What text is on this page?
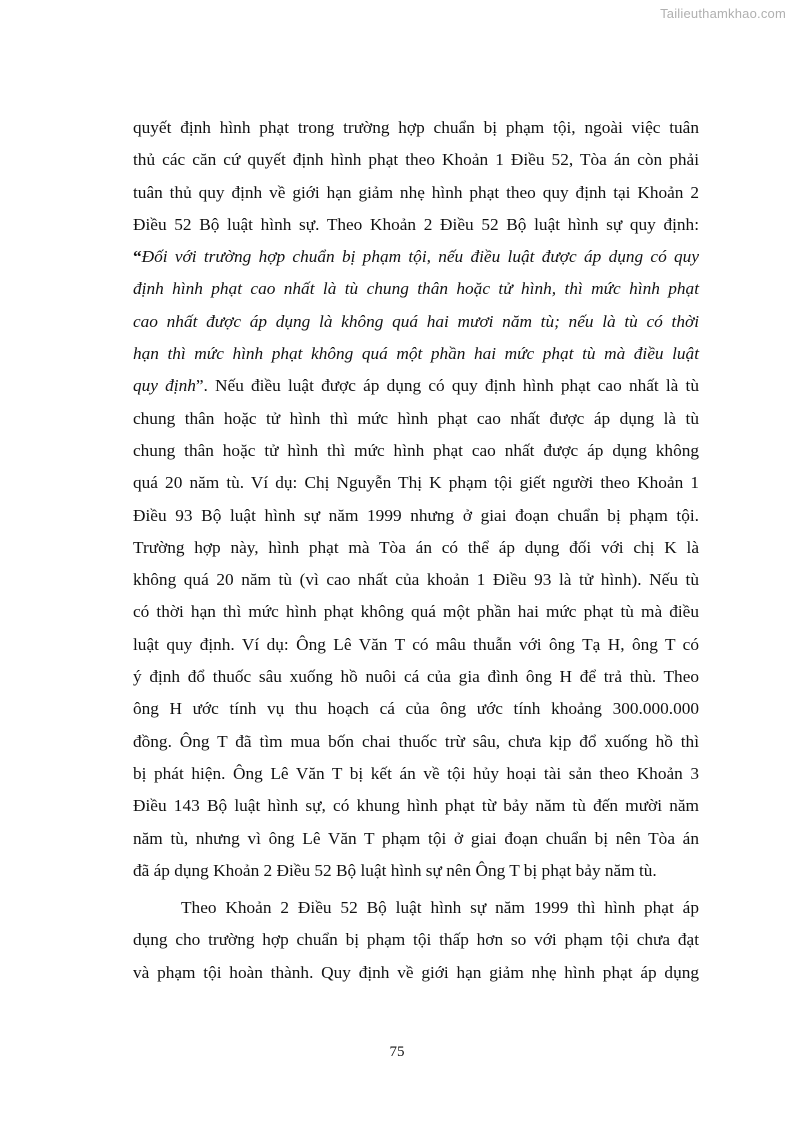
Tailieuthamkhao.com
quyết định hình phạt trong trường hợp chuẩn bị phạm tội, ngoài việc tuân
thủ các căn cứ quyết định hình phạt theo Khoản 1 Điều 52, Tòa án còn phải
tuân thủ quy định về giới hạn giảm nhẹ hình phạt theo quy định tại Khoản 2
Điều 52 Bộ luật hình sự. Theo Khoản 2 Điều 52 Bộ luật hình sự quy định:
“Đối với trường hợp chuẩn bị phạm tội, nếu điều luật được áp dụng có quy
định hình phạt cao nhất là tù chung thân hoặc tử hình, thì mức hình phạt
cao nhất được áp dụng là không quá hai mươi năm tù; nếu là tù có thời
hạn thì mức hình phạt không quá một phần hai mức phạt tù mà điều luật
quy định”. Nếu điều luật được áp dụng có quy định hình phạt cao nhất là tù
chung thân hoặc tử hình thì mức hình phạt cao nhất được áp dụng là tù
chung thân hoặc tử hình thì mức hình phạt cao nhất được áp dụng không
quá 20 năm tù. Ví dụ: Chị Nguyễn Thị K phạm tội giết người theo Khoản 1
Điều 93 Bộ luật hình sự năm 1999 nhưng ở giai đoạn chuẩn bị phạm tội.
Trường hợp này, hình phạt mà Tòa án có thể áp dụng đối với chị K là
không quá 20 năm tù (vì cao nhất của khoản 1 Điều 93 là tử hình). Nếu tù
có thời hạn thì mức hình phạt không quá một phần hai mức phạt tù mà điều
luật quy định. Ví dụ: Ông Lê Văn T có mâu thuẫn với ông Tạ H, ông T có
ý định đổ thuốc sâu xuống hồ nuôi cá của gia đình ông H để trả thù. Theo
ông H ước tính vụ thu hoạch cá của ông ước tính khoảng 300.000.000
đồng. Ông T đã tìm mua bốn chai thuốc trừ sâu, chưa kịp đổ xuống hồ thì
bị phát hiện. Ông Lê Văn T bị kết án về tội hủy hoại tài sản theo Khoản 3
Điều 143 Bộ luật hình sự, có khung hình phạt từ bảy năm tù đến mười năm
năm tù, nhưng vì ông Lê Văn T phạm tội ở giai đoạn chuẩn bị nên Tòa án
đã áp dụng Khoản 2 Điều 52 Bộ luật hình sự nên Ông T bị phạt bảy năm tù.
Theo Khoản 2 Điều 52 Bộ luật hình sự năm 1999 thì hình phạt áp
dụng cho trường hợp chuẩn bị phạm tội thấp hơn so với phạm tội chưa đạt
và phạm tội hoàn thành. Quy định về giới hạn giảm nhẹ hình phạt áp dụng
75
